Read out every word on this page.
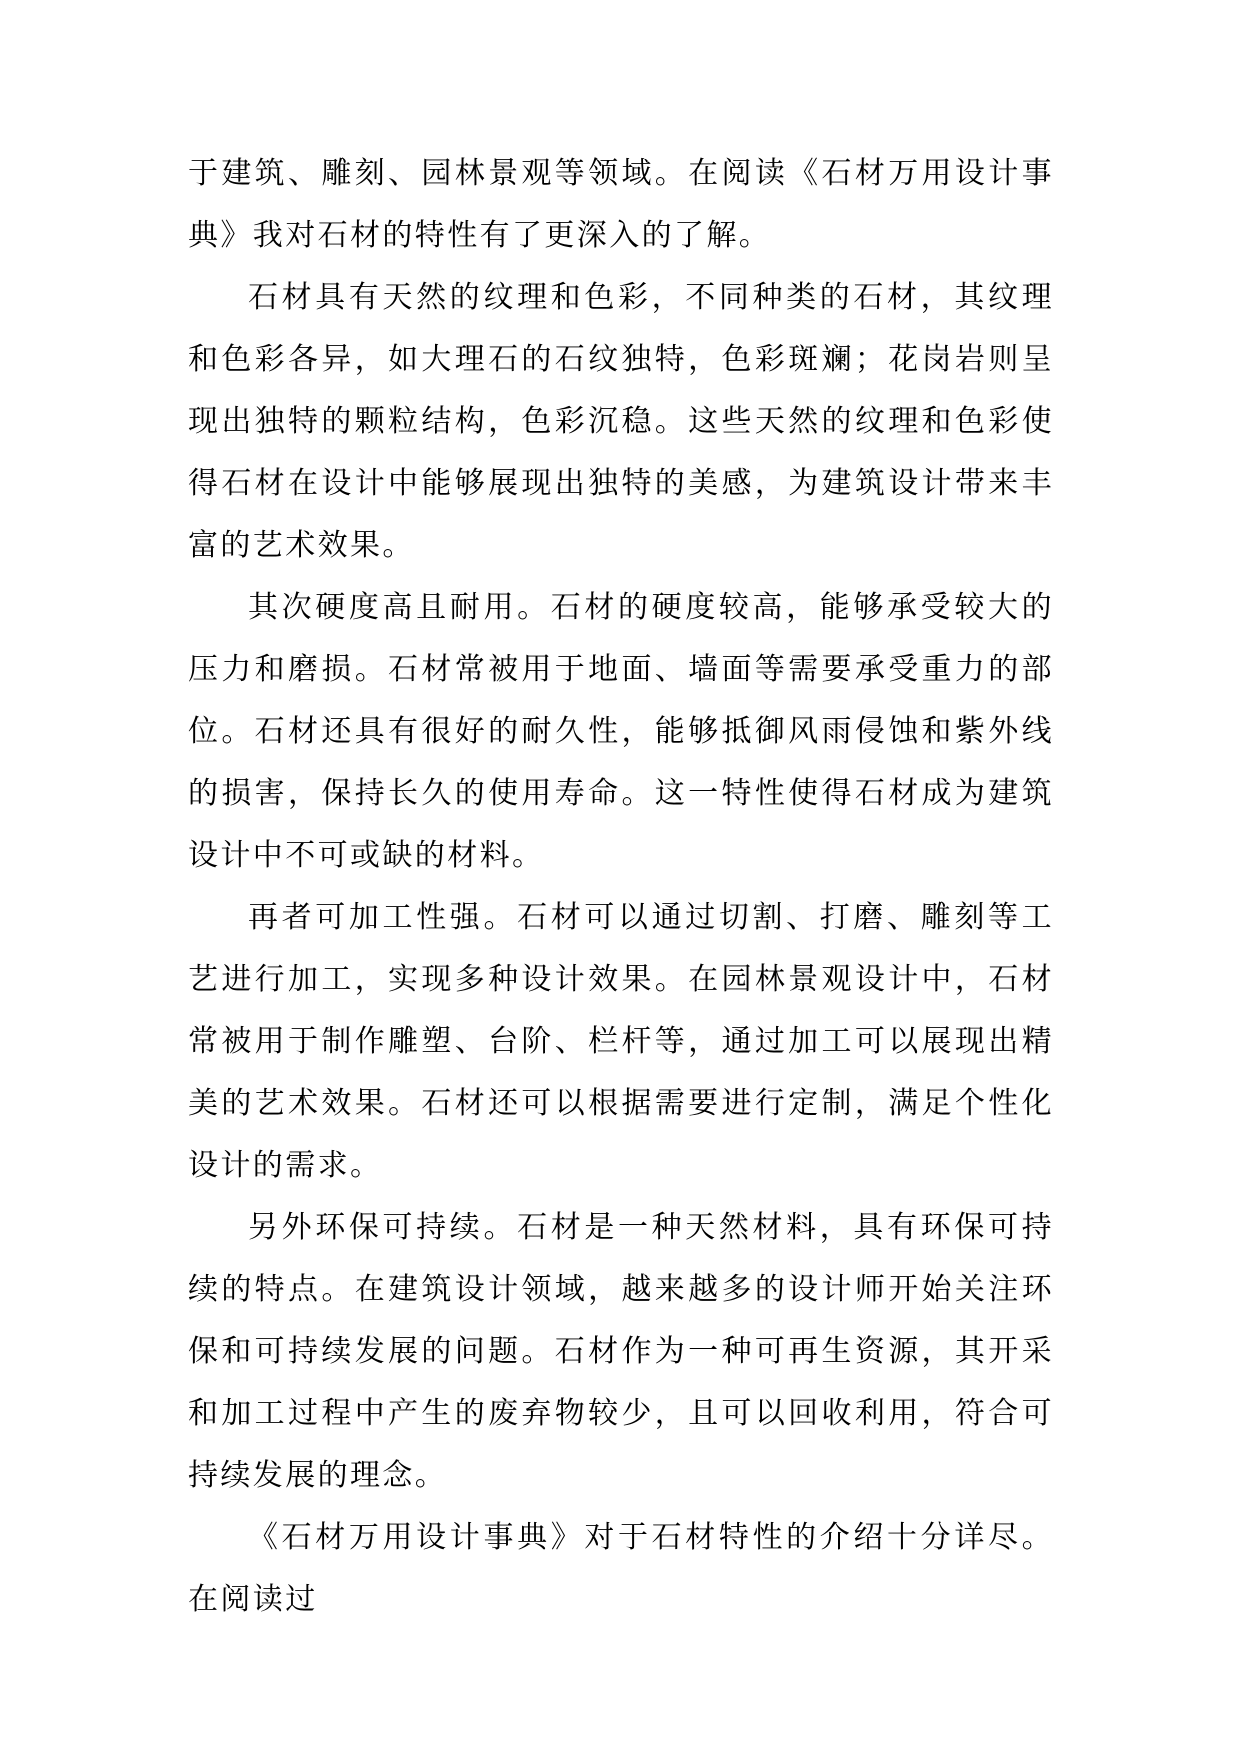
于建筑、雕刻、园林景观等领域。在阅读《石材万用设计事典》我对石材的特性有了更深入的了解。

石材具有天然的纹理和色彩，不同种类的石材，其纹理和色彩各异，如大理石的石纹独特，色彩斑斓；花岗岩则呈现出独特的颗粒结构，色彩沉稳。这些天然的纹理和色彩使得石材在设计中能够展现出独特的美感，为建筑设计带来丰富的艺术效果。

其次硬度高且耐用。石材的硬度较高，能够承受较大的压力和磨损。石材常被用于地面、墙面等需要承受重力的部位。石材还具有很好的耐久性，能够抵御风雨侵蚀和紫外线的损害，保持长久的使用寿命。这一特性使得石材成为建筑设计中不可或缺的材料。

再者可加工性强。石材可以通过切割、打磨、雕刻等工艺进行加工，实现多种设计效果。在园林景观设计中，石材常被用于制作雕塑、台阶、栏杆等，通过加工可以展现出精美的艺术效果。石材还可以根据需要进行定制，满足个性化设计的需求。

另外环保可持续。石材是一种天然材料，具有环保可持续的特点。在建筑设计领域，越来越多的设计师开始关注环保和可持续发展的问题。石材作为一种可再生资源，其开采和加工过程中产生的废弃物较少，且可以回收利用，符合可持续发展的理念。

《石材万用设计事典》对于石材特性的介绍十分详尽。在阅读过
